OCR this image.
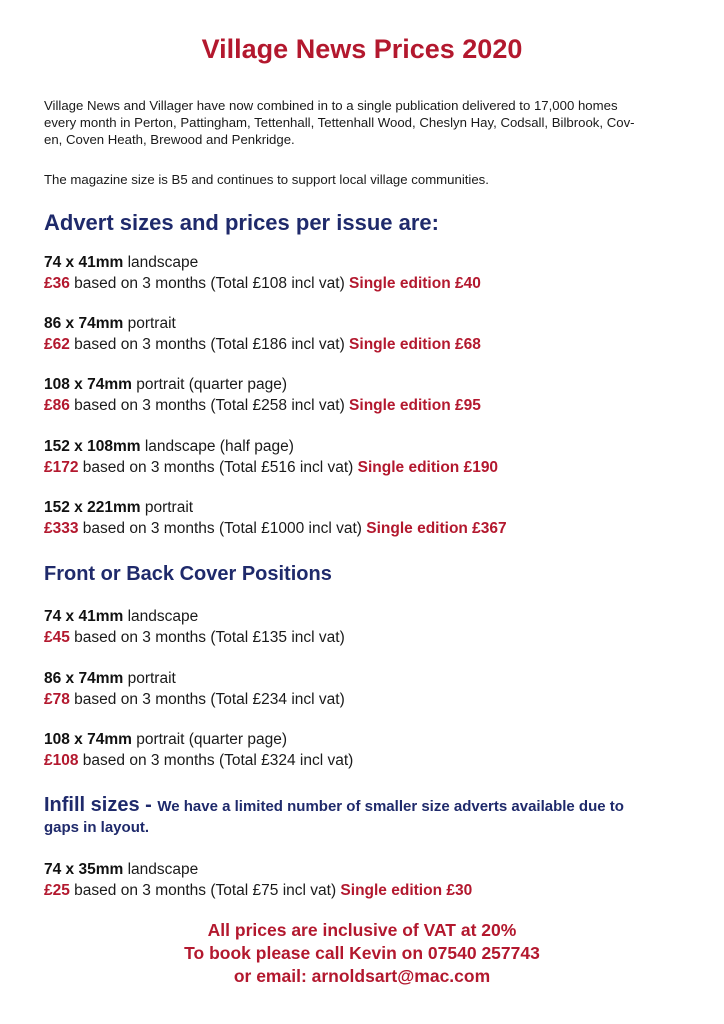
Village News Prices 2020

Village News and Villager have now combined in to a single publication delivered to 17,000 homes
every month in Perton, Pattingham, Tettenhall, Tettenhall Wood, Cheslyn Hay, Codsall, Bilbrook, Cov-
en, Coven Heath, Brewood and Penkridge.

The magazine size is B5 and continues to support local village communities.

Advert sizes and prices per issue are:
74 x 41mm landscape
£36 based on 3 months (Total £108 incl vat) Single edition £40
86 x 74mm portrait
£62 based on 3 months (Total £186 incl vat) Single edition £68
108 x 74mm portrait (quarter page)
£86 based on 3 months (Total £258 incl vat) Single edition £95
152 x 108mm landscape (half page)
£172 based on 3 months (Total £516 incl vat) Single edition £190
152 x 221mm portrait
£333 based on 3 months (Total £1000 incl vat) Single edition £367
Front or Back Cover Positions
74 x 41mm landscape
£45 based on 3 months (Total £135 incl vat)
86 x 74mm portrait
£78 based on 3 months (Total £234 incl vat)
108 x 74mm portrait (quarter page)
£108 based on 3 months (Total £324 incl vat)

Infill sizes - We have a limited number of smaller size adverts available due to
gaps in layout.

74 x 35mm landscape
£25 based on 3 months (Total £75 incl vat) Single edition £30

All prices are inclusive of VAT at 20%
To book please call Kevin on 07540 257743
or email: arnoldsart@mac.com
